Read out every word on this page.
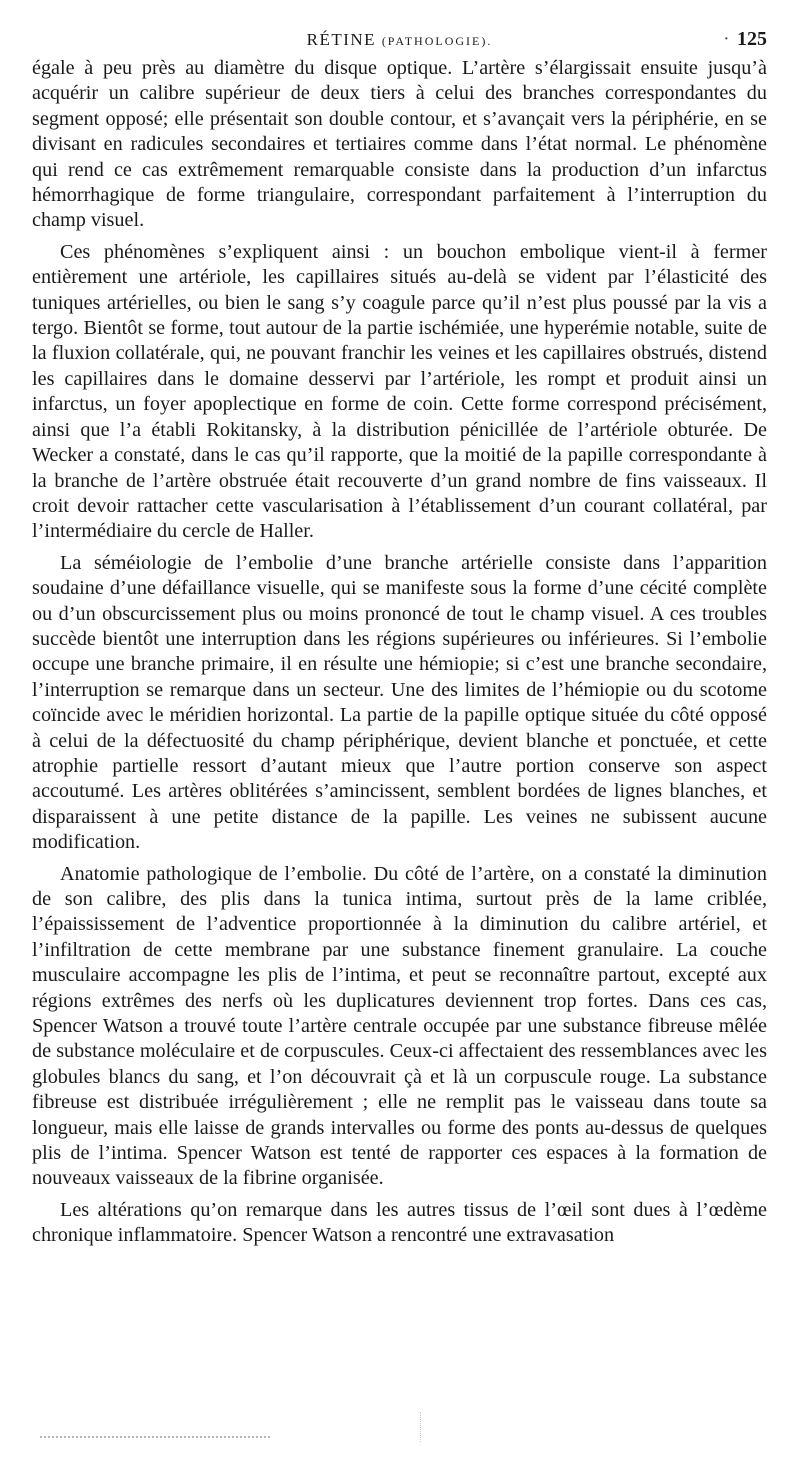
RÉTINE (PATHOLOGIE).
·	125

égale à peu près au diamètre du disque optique. L’artère s’élargissait ensuite jusqu’à acquérir un calibre supérieur de deux tiers à celui des branches correspondantes du segment opposé; elle présentait son double contour, et s’avançait vers la périphérie, en se divisant en radicules secondaires et tertiaires comme dans l’état normal. Le phénomène qui rend ce cas extrêmement remarquable consiste dans la production d’un infarctus hémorrhagique de forme triangulaire, correspondant parfaitement à l’interruption du champ visuel.

Ces phénomènes s’expliquent ainsi : un bouchon embolique vient-il à fermer entièrement une artériole, les capillaires situés au-delà se vident par l’élasticité des tuniques artérielles, ou bien le sang s’y coagule parce qu’il n’est plus poussé par la vis a tergo. Bientôt se forme, tout autour de la partie ischémiée, une hyperémie notable, suite de la fluxion collatérale, qui, ne pouvant franchir les veines et les capillaires obstrués, distend les capillaires dans le domaine desservi par l’artériole, les rompt et produit ainsi un infarctus, un foyer apoplectique en forme de coin. Cette forme correspond précisément, ainsi que l’a établi Rokitansky, à la distribution pénicillée de l’artériole obturée. De Wecker a constaté, dans le cas qu’il rapporte, que la moitié de la papille correspondante à la branche de l’artère obstruée était recouverte d’un grand nombre de fins vaisseaux. Il croit devoir rattacher cette vascularisation à l’établissement d’un courant collatéral, par l’intermédiaire du cercle de Haller.

La séméiologie de l’embolie d’une branche artérielle consiste dans l’apparition soudaine d’une défaillance visuelle, qui se manifeste sous la forme d’une cécité complète ou d’un obscurcissement plus ou moins prononcé de tout le champ visuel. A ces troubles succède bientôt une interruption dans les régions supérieures ou inférieures. Si l’embolie occupe une branche primaire, il en résulte une hémiopie; si c’est une branche secondaire, l’interruption se remarque dans un secteur. Une des limites de l’hémiopie ou du scotome coïncide avec le méridien horizontal. La partie de la papille optique située du côté opposé à celui de la défectuosité du champ périphérique, devient blanche et ponctuée, et cette atrophie partielle ressort d’autant mieux que l’autre portion conserve son aspect accoutumé. Les artères oblitérées s’amincissent, semblent bordées de lignes blanches, et disparaissent à une petite distance de la papille. Les veines ne subissent aucune modification.

Anatomie pathologique de l’embolie. Du côté de l’artère, on a constaté la diminution de son calibre, des plis dans la tunica intima, surtout près de la lame criblée, l’épaississement de l’adventice proportionnée à la diminution du calibre artériel, et l’infiltration de cette membrane par une substance finement granulaire. La couche musculaire accompagne les plis de l’intima, et peut se reconnaître partout, excepté aux régions extrêmes des nerfs où les duplicatures deviennent trop fortes. Dans ces cas, Spencer Watson a trouvé toute l’artère centrale occupée par une substance fibreuse mêlée de substance moléculaire et de corpuscules. Ceux-ci affectaient des ressemblances avec les globules blancs du sang, et l’on découvrait çà et là un corpuscule rouge. La substance fibreuse est distribuée irrégulièrement ; elle ne remplit pas le vaisseau dans toute sa longueur, mais elle laisse de grands intervalles ou forme des ponts au-dessus de quelques plis de l’intima. Spencer Watson est tenté de rapporter ces espaces à la formation de nouveaux vaisseaux de la fibrine organisée.

Les altérations qu’on remarque dans les autres tissus de l’œil sont dues à l’œdème chronique inflammatoire. Spencer Watson a rencontré une extravasation
